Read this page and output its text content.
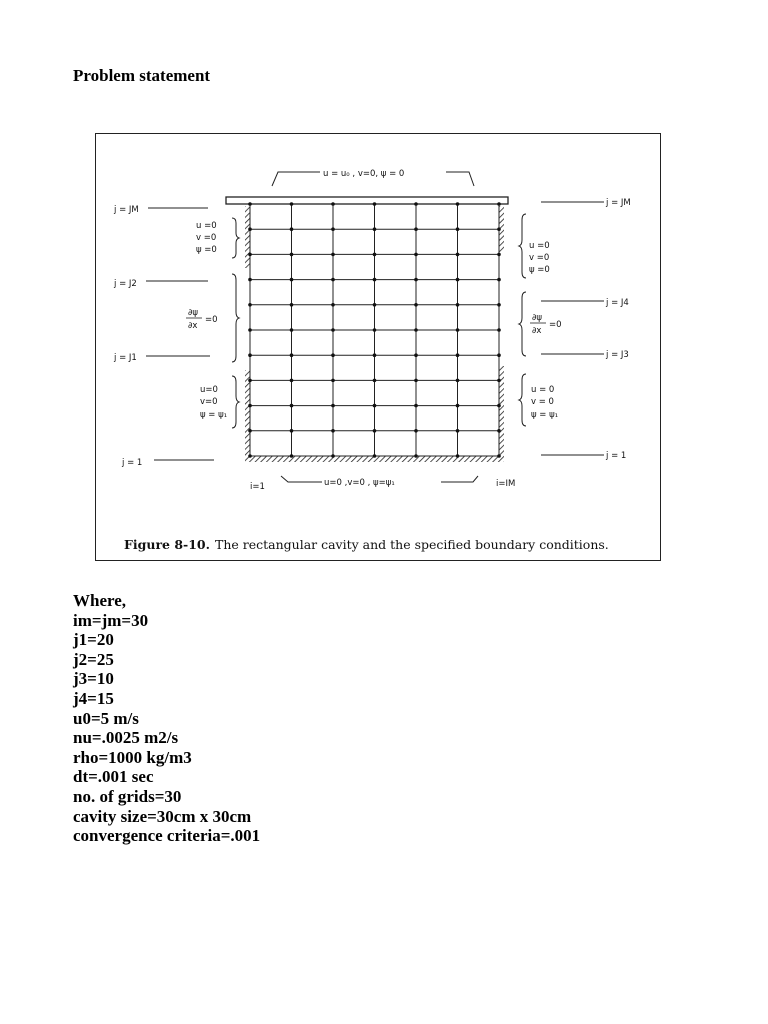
Problem statement
u = u₀ , v=0, ψ = 0
j = JM
u =0
v =0
ψ =0
j = J2
∂ψ
∂x
=0
j = J1
u=0
v=0
ψ = ψ₁
j = 1
j = JM
u =0
v =0
ψ =0
j = J4
∂ψ
∂x
=0
j = J3
u = 0
v = 0
ψ = ψ₁
j = 1
i=1	u=0 ,v=0 , ψ=ψ₁	i=IM
Figure 8-10. The rectangular cavity and the specified boundary conditions.
Where,
im=jm=30
j1=20
j2=25
j3=10
j4=15
u0=5 m/s
nu=.0025 m2/s
rho=1000 kg/m3
dt=.001 sec
no. of grids=30
cavity size=30cm x 30cm
convergence criteria=.001
